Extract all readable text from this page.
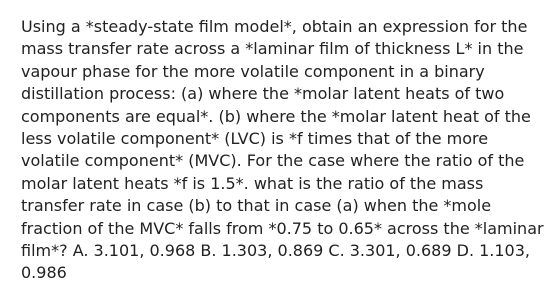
Using a *steady-state film model*, obtain an expression for the mass transfer rate across a *laminar film of thickness L* in the vapour phase for the more volatile component in a binary distillation process: (a) where the *molar latent heats of two components are equal*. (b) where the *molar latent heat of the less volatile component* (LVC) is *f times that of the more volatile component* (MVC). For the case where the ratio of the molar latent heats *f is 1.5*. what is the ratio of the mass transfer rate in case (b) to that in case (a) when the *mole fraction of the MVC* falls from *0.75 to 0.65* across the *laminar film*? A. 3.101, 0.968 B. 1.303, 0.869 C. 3.301, 0.689 D. 1.103, 0.986
